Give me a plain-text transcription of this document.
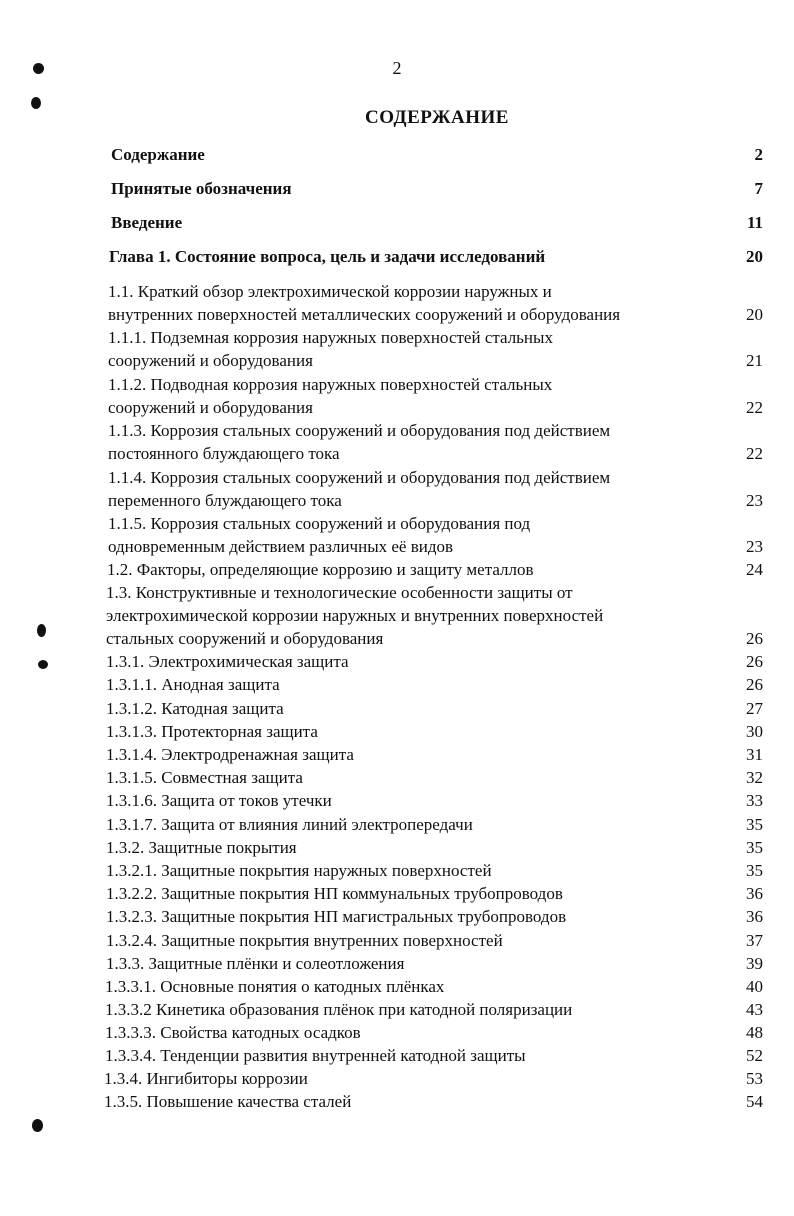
2
СОДЕРЖАНИЕ
Содержание	2
Принятые обозначения	7
Введение	11
Глава 1. Состояние вопроса, цель и задачи исследований	20
1.1. Краткий обзор электрохимической коррозии наружных и
внутренних поверхностей металлических сооружений и оборудования	20
1.1.1. Подземная коррозия наружных поверхностей стальных
сооружений и оборудования	21
1.1.2. Подводная коррозия наружных поверхностей стальных
сооружений и оборудования	22
1.1.3. Коррозия стальных сооружений и оборудования под действием
постоянного блуждающего тока	22
1.1.4. Коррозия стальных сооружений и оборудования под действием
переменного блуждающего тока	23
1.1.5. Коррозия стальных сооружений и оборудования под
одновременным действием различных её видов	23
1.2. Факторы, определяющие коррозию и защиту металлов	24
1.3. Конструктивные и технологические особенности защиты от
электрохимической коррозии наружных и внутренних поверхностей
стальных сооружений и оборудования	26
1.3.1. Электрохимическая защита	26
1.3.1.1. Анодная защита	26
1.3.1.2. Катодная защита	27
1.3.1.3. Протекторная защита	30
1.3.1.4. Электродренажная защита	31
1.3.1.5. Совместная защита	32
1.3.1.6. Защита от токов утечки	33
1.3.1.7. Защита от влияния линий электропередачи	35
1.3.2. Защитные покрытия	35
1.3.2.1. Защитные покрытия наружных поверхностей	35
1.3.2.2. Защитные покрытия НП коммунальных трубопроводов	36
1.3.2.3. Защитные покрытия НП магистральных трубопроводов	36
1.3.2.4. Защитные покрытия внутренних поверхностей	37
1.3.3. Защитные плёнки и солеотложения	39
1.3.3.1. Основные понятия о катодных плёнках	40
1.3.3.2 Кинетика образования плёнок при катодной поляризации	43
1.3.3.3. Свойства катодных осадков	48
1.3.3.4. Тенденции развития внутренней катодной защиты	52
1.3.4. Ингибиторы коррозии	53
1.3.5. Повышение качества сталей	54
